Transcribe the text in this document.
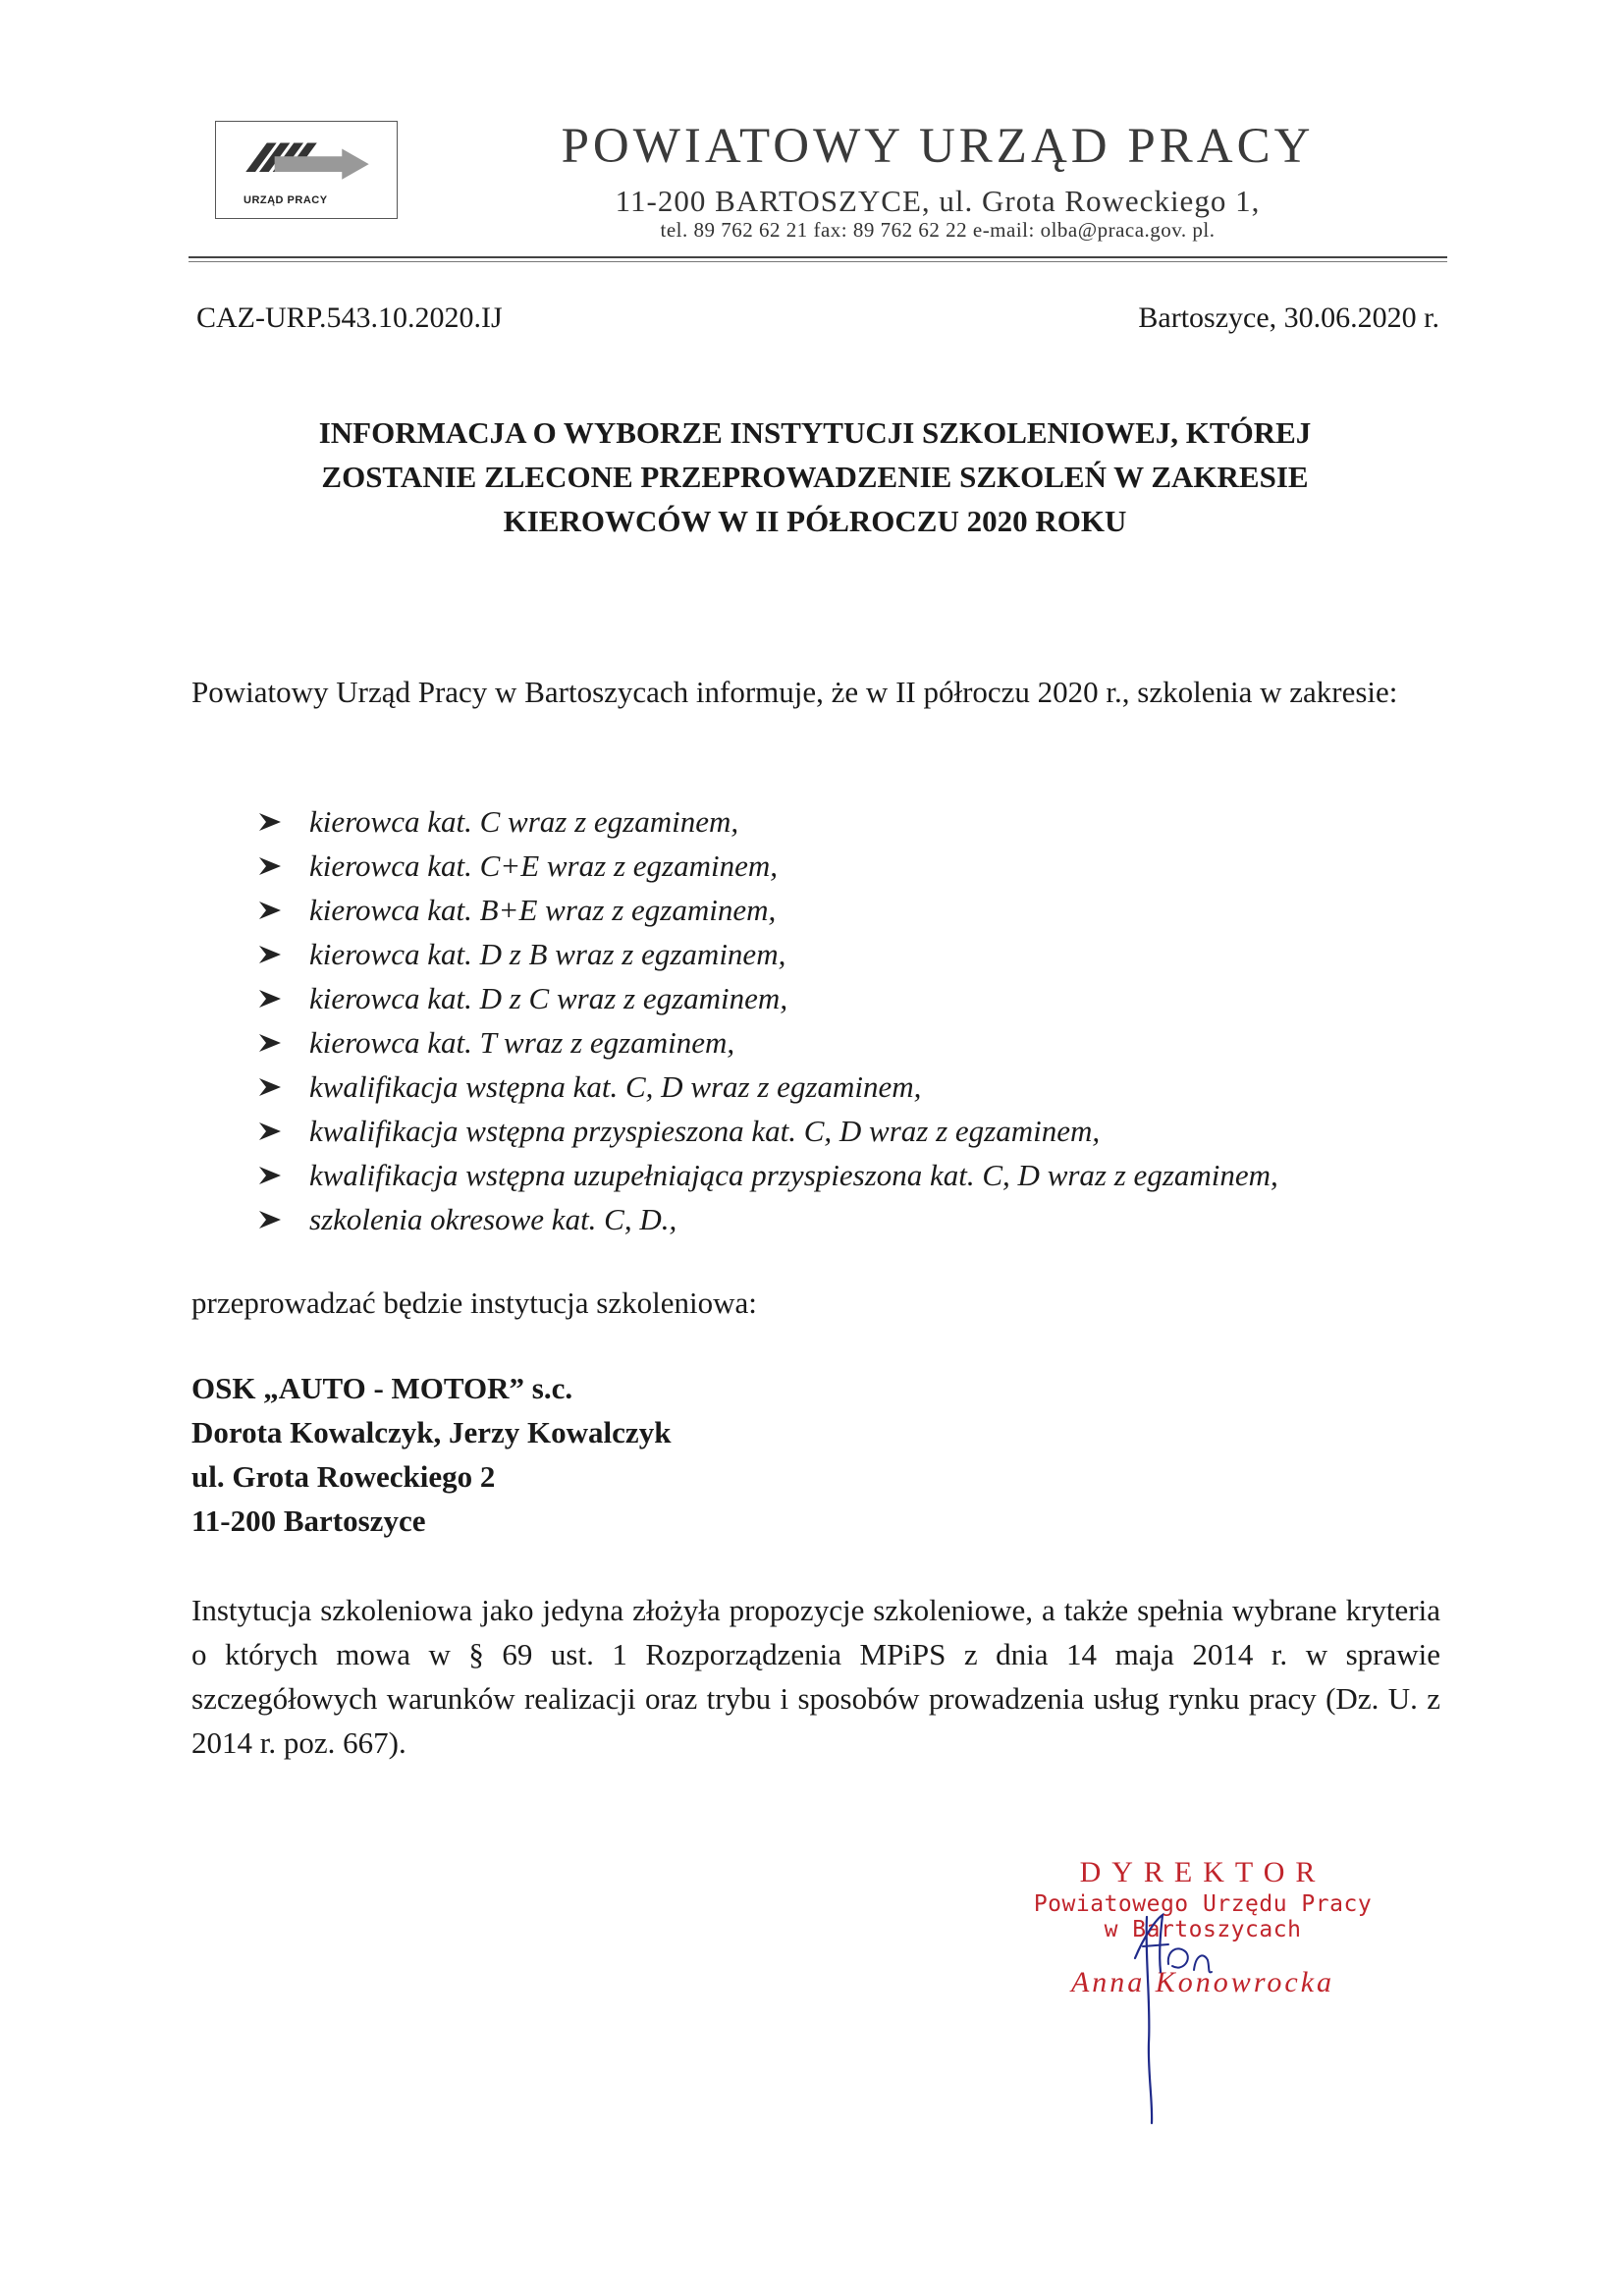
URZĄD PRACY
POWIATOWY URZĄD PRACY
11-200 BARTOSZYCE, ul. Grota Roweckiego 1,
tel. 89 762 62 21 fax: 89 762 62 22 e-mail: olba@praca.gov. pl.
CAZ-URP.543.10.2020.IJ	Bartoszyce, 30.06.2020 r.
INFORMACJA O WYBORZE INSTYTUCJI SZKOLENIOWEJ, KTÓREJ
ZOSTANIE ZLECONE PRZEPROWADZENIE SZKOLEŃ W ZAKRESIE
KIEROWCÓW W II PÓŁROCZU 2020 ROKU
Powiatowy Urząd Pracy w Bartoszycach informuje, że w II półroczu 2020 r., szkolenia w zakresie:
kierowca kat. C wraz z egzaminem,
kierowca kat. C+E wraz z egzaminem,
kierowca kat. B+E wraz z egzaminem,
kierowca kat. D z B wraz z egzaminem,
kierowca kat. D z C wraz z egzaminem,
kierowca kat. T wraz z egzaminem,
kwalifikacja wstępna kat. C, D wraz z egzaminem,
kwalifikacja wstępna przyspieszona kat. C, D wraz z egzaminem,
kwalifikacja wstępna uzupełniająca przyspieszona kat. C, D wraz z egzaminem,
szkolenia okresowe kat. C, D.,
przeprowadzać będzie instytucja szkoleniowa:
OSK „AUTO - MOTOR” s.c.
Dorota Kowalczyk, Jerzy Kowalczyk
ul. Grota Roweckiego 2
11-200 Bartoszyce
Instytucja szkoleniowa jako jedyna złożyła propozycje szkoleniowe, a także spełnia wybrane kryteria o których mowa w § 69 ust. 1 Rozporządzenia MPiPS z dnia 14 maja 2014 r. w sprawie szczegółowych warunków realizacji oraz trybu i sposobów prowadzenia usług rynku pracy (Dz. U. z 2014 r. poz. 667).
DYREKTOR
Powiatowego Urzędu Pracy
w Bartoszycach
Anna Konowrocka
